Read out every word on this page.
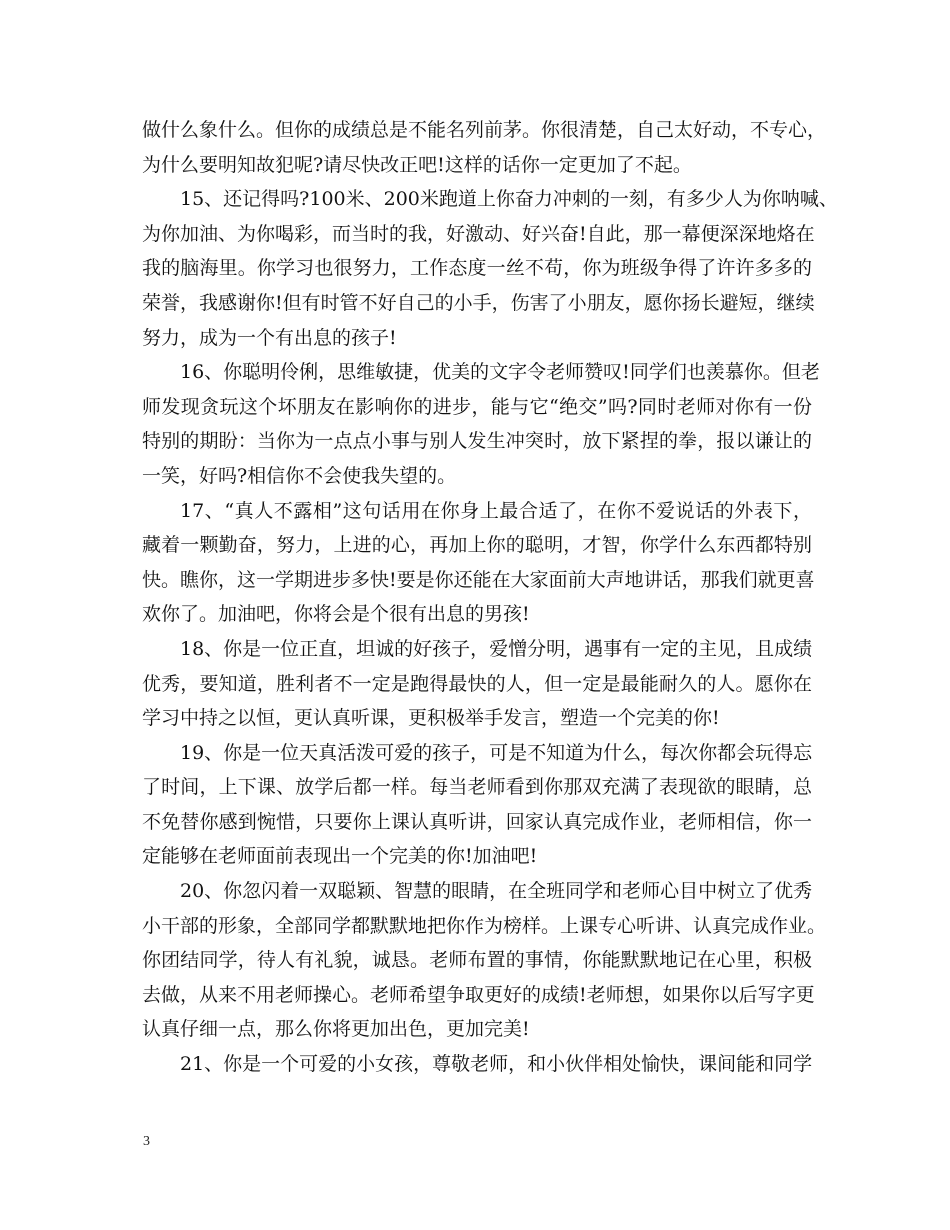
做什么象什么。但你的成绩总是不能名列前茅。你很清楚，自己太好动，不专心，
为什么要明知故犯呢?请尽快改正吧!这样的话你一定更加了不起。
15、还记得吗?100米、200米跑道上你奋力冲刺的一刻，有多少人为你呐喊、
为你加油、为你喝彩，而当时的我，好激动、好兴奋!自此，那一幕便深深地烙在
我的脑海里。你学习也很努力，工作态度一丝不苟，你为班级争得了许许多多的
荣誉，我感谢你!但有时管不好自己的小手，伤害了小朋友，愿你扬长避短，继续
努力，成为一个有出息的孩子!
16、你聪明伶俐，思维敏捷，优美的文字令老师赞叹!同学们也羡慕你。但老
师发现贪玩这个坏朋友在影响你的进步，能与它“绝交”吗?同时老师对你有一份
特别的期盼：当你为一点点小事与别人发生冲突时，放下紧捏的拳，报以谦让的
一笑，好吗?相信你不会使我失望的。
17、“真人不露相”这句话用在你身上最合适了，在你不爱说话的外表下，
藏着一颗勤奋，努力，上进的心，再加上你的聪明，才智，你学什么东西都特别
快。瞧你，这一学期进步多快!要是你还能在大家面前大声地讲话，那我们就更喜
欢你了。加油吧，你将会是个很有出息的男孩!
18、你是一位正直，坦诚的好孩子，爱憎分明，遇事有一定的主见，且成绩
优秀，要知道，胜利者不一定是跑得最快的人，但一定是最能耐久的人。愿你在
学习中持之以恒，更认真听课，更积极举手发言，塑造一个完美的你!
19、你是一位天真活泼可爱的孩子，可是不知道为什么，每次你都会玩得忘
了时间，上下课、放学后都一样。每当老师看到你那双充满了表现欲的眼睛，总
不免替你感到惋惜，只要你上课认真听讲，回家认真完成作业，老师相信，你一
定能够在老师面前表现出一个完美的你!加油吧!
20、你忽闪着一双聪颖、智慧的眼睛，在全班同学和老师心目中树立了优秀
小干部的形象，全部同学都默默地把你作为榜样。上课专心听讲、认真完成作业。
你团结同学，待人有礼貌，诚恳。老师布置的事情，你能默默地记在心里，积极
去做，从来不用老师操心。老师希望争取更好的成绩!老师想，如果你以后写字更
认真仔细一点，那么你将更加出色，更加完美!
21、你是一个可爱的小女孩，尊敬老师，和小伙伴相处愉快，课间能和同学
3
